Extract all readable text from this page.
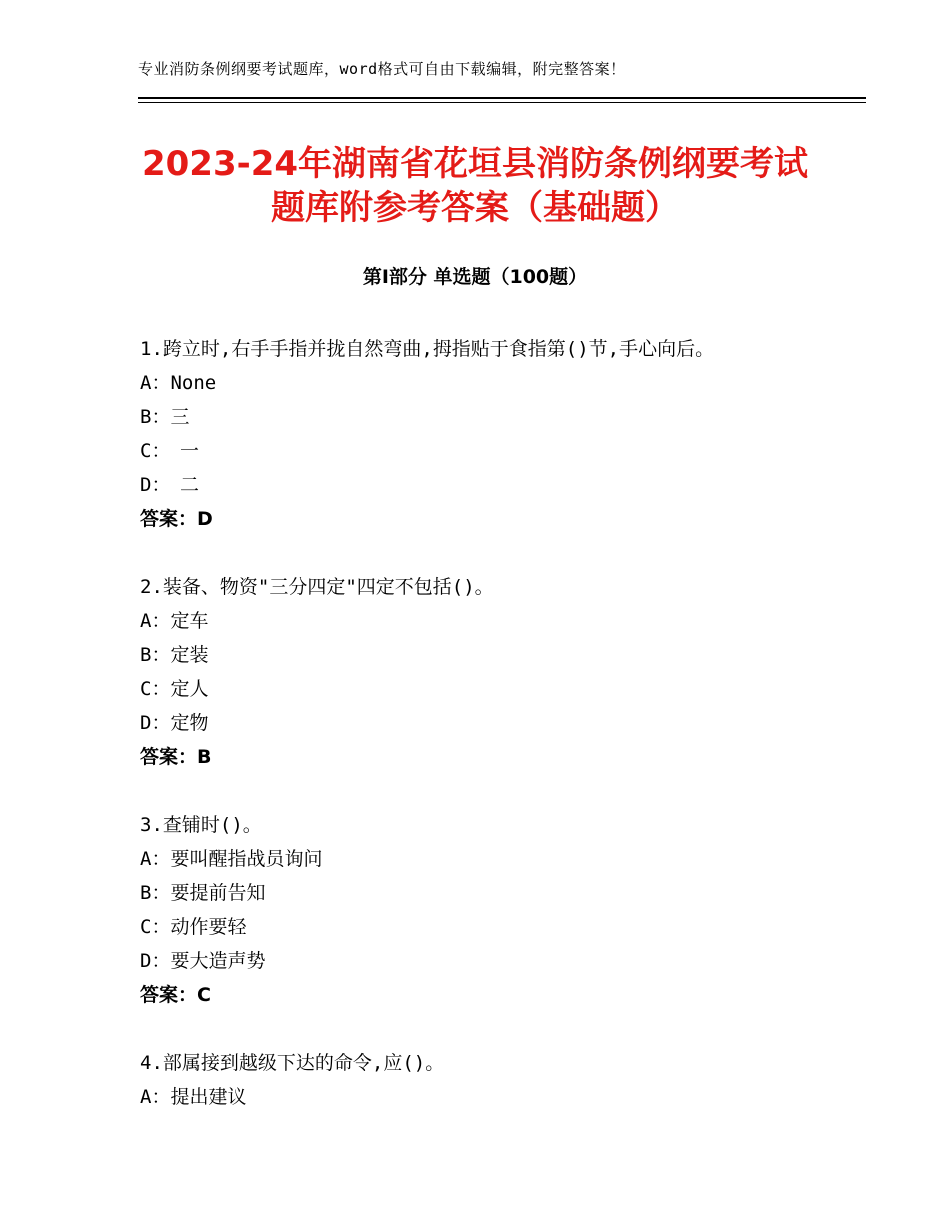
专业消防条例纲要考试题库，word格式可自由下载编辑，附完整答案！
2023-24年湖南省花垣县消防条例纲要考试
题库附参考答案（基础题）
第Ⅰ部分 单选题（100题）
1.跨立时,右手手指并拢自然弯曲,拇指贴于食指第()节,手心向后。
A：None
B：三
C：　一
D：　二
答案：D
2.装备、物资"三分四定"四定不包括()。
A：定车
B：定装
C：定人
D：定物
答案：B
3.查铺时()。
A：要叫醒指战员询问
B：要提前告知
C：动作要轻
D：要大造声势
答案：C
4.部属接到越级下达的命令,应()。
A：提出建议
